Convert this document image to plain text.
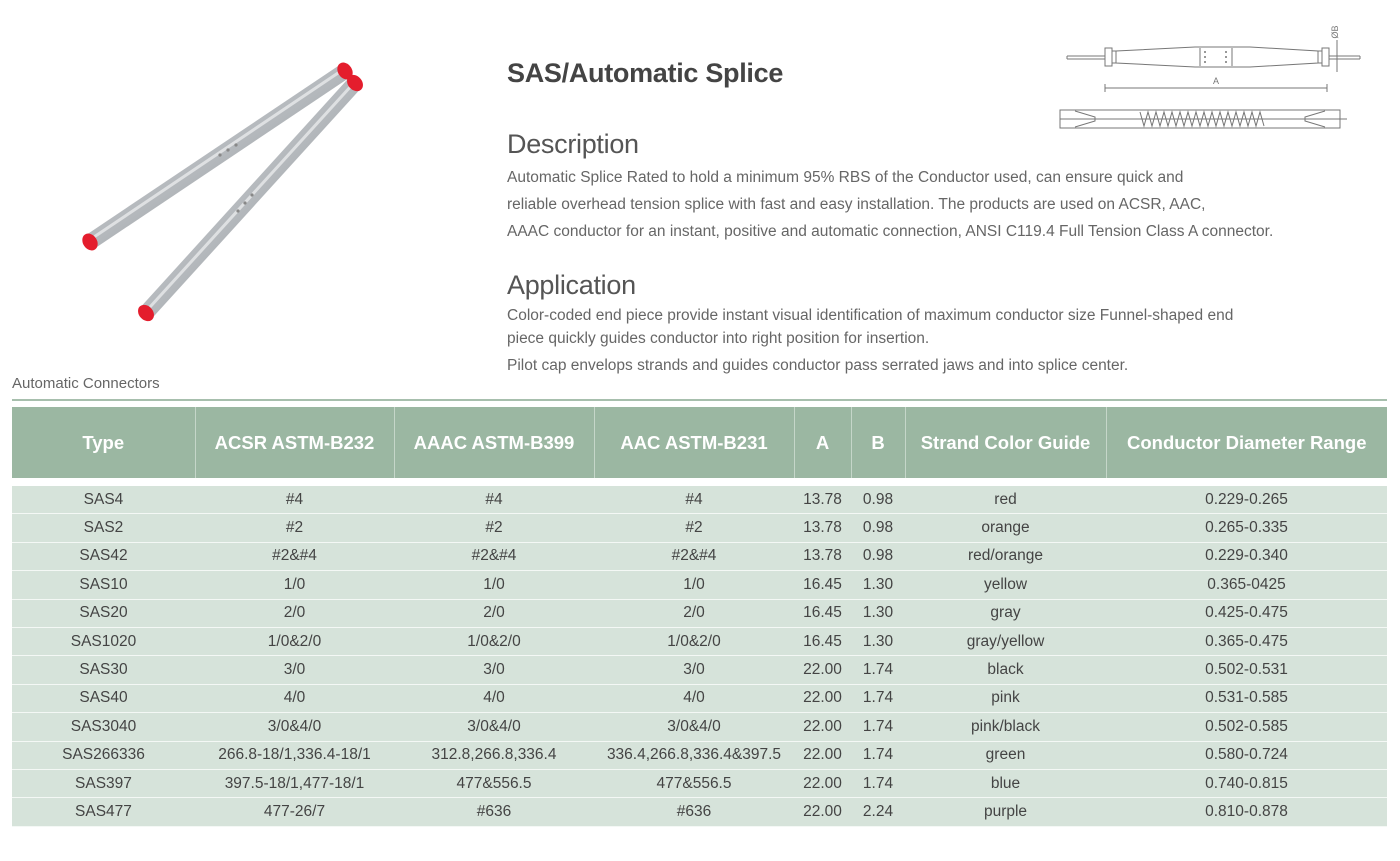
SAS/Automatic Splice	A
ØB
Description

Automatic Splice Rated to hold a minimum 95% RBS of the Conductor used, can ensure quick and

reliable overhead tension splice with fast and easy installation. The products are used on ACSR, AAC,

AAAC conductor for an instant, positive and automatic connection, ANSI C119.4 Full Tension Class A connector.

Application

Color-coded end piece provide instant visual identification of maximum conductor size Funnel-shaped end

piece quickly guides conductor into right position for insertion.

Pilot cap envelops strands and guides conductor pass serrated jaws and into splice center.

Automatic Connectors

Type	ACSR ASTM-B232	AAAC ASTM-B399	AAC ASTM-B231	A	B	Strand Color Guide	Conductor Diameter Range

SAS4	#4	#4	#4	13.78	0.98	red	0.229-0.265
SAS2	#2	#2	#2	13.78	0.98	orange	0.265-0.335
SAS42	#2&#4	#2&#4	#2&#4	13.78	0.98	red/orange	0.229-0.340
SAS10	1/0	1/0	1/0	16.45	1.30	yellow	0.365-0425
SAS20	2/0	2/0	2/0	16.45	1.30	gray	0.425-0.475
SAS1020	1/0&2/0	1/0&2/0	1/0&2/0	16.45	1.30	gray/yellow	0.365-0.475
SAS30	3/0	3/0	3/0	22.00	1.74	black	0.502-0.531
SAS40	4/0	4/0	4/0	22.00	1.74	pink	0.531-0.585
SAS3040	3/0&4/0	3/0&4/0	3/0&4/0	22.00	1.74	pink/black	0.502-0.585
SAS266336	266.8-18/1,336.4-18/1	312.8,266.8,336.4	336.4,266.8,336.4&397.5	22.00	1.74	green	0.580-0.724
SAS397	397.5-18/1,477-18/1	477&556.5	477&556.5	22.00	1.74	blue	0.740-0.815
SAS477	477-26/7	#636	#636	22.00	2.24	purple	0.810-0.878
